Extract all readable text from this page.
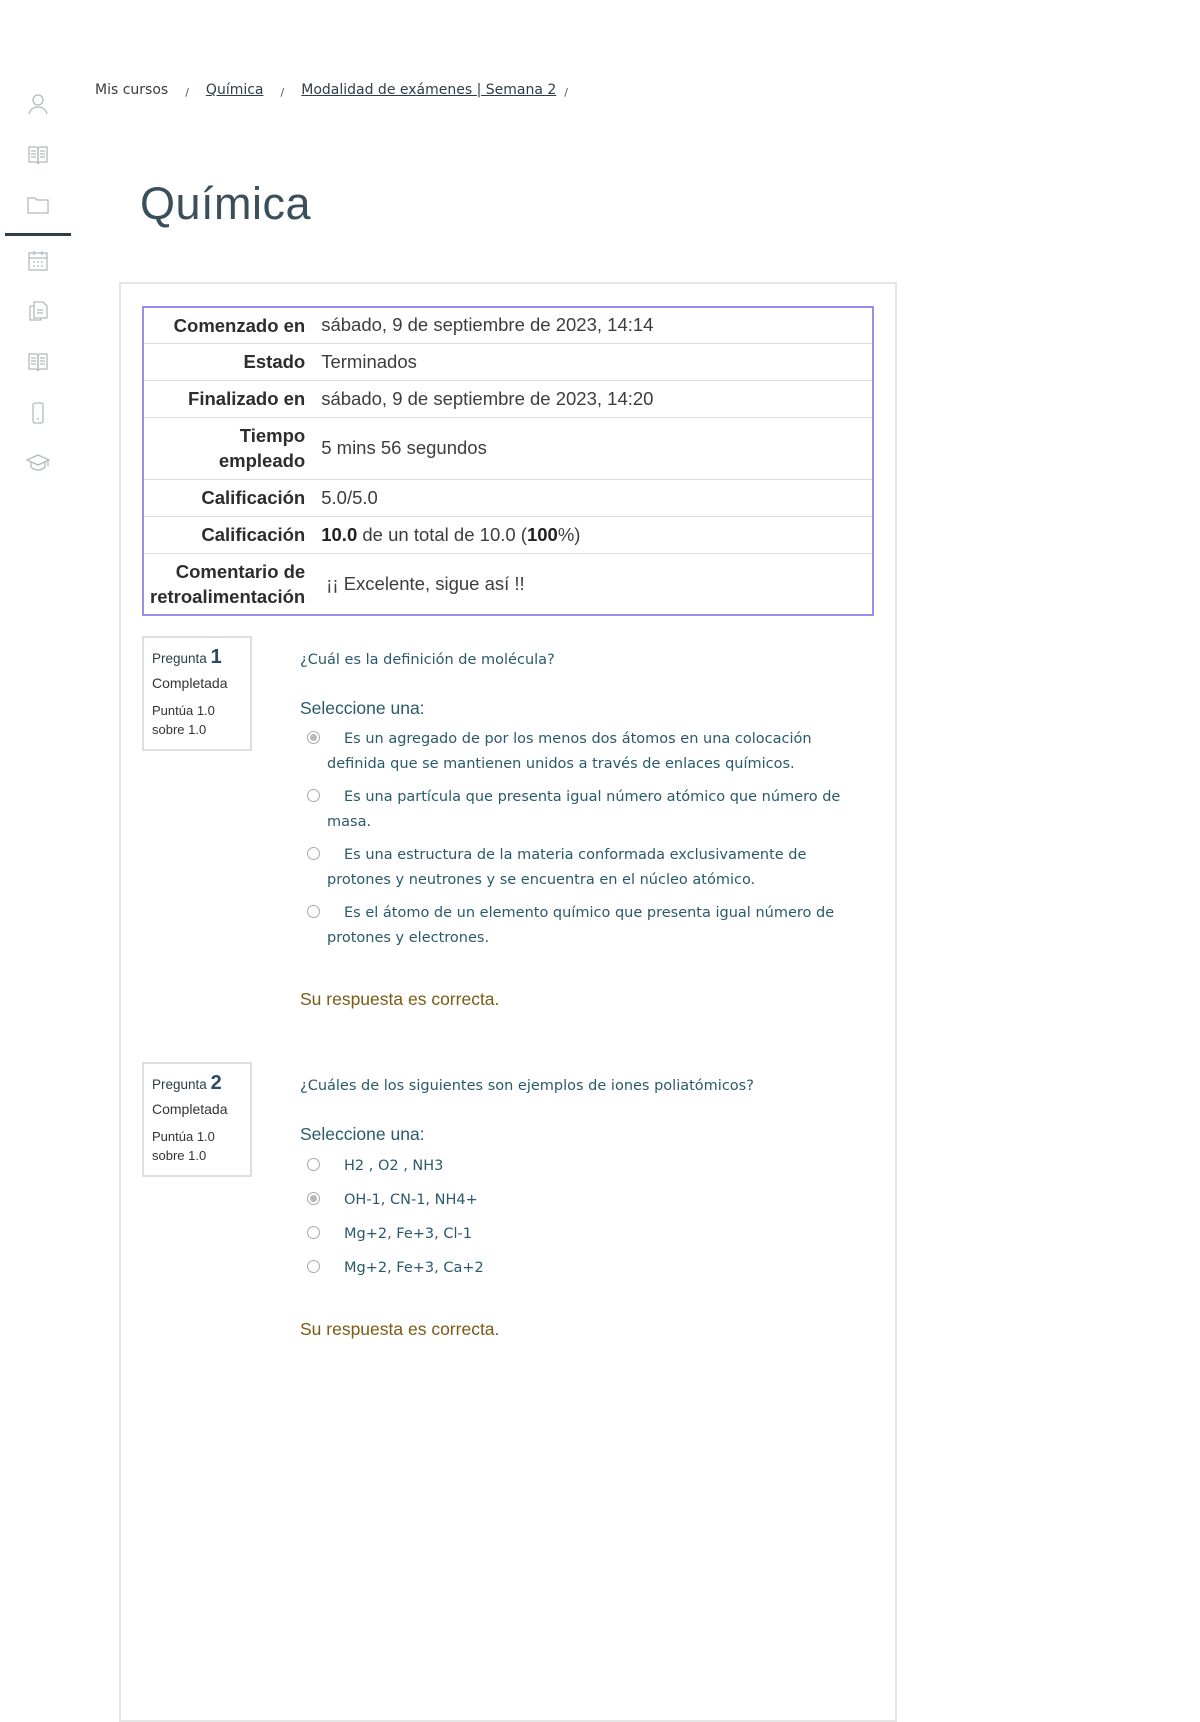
Mis cursos / Química / Modalidad de exámenes | Semana 2 /
Química
Comenzado en	sábado, 9 de septiembre de 2023, 14:14
Estado	Terminados
Finalizado en	sábado, 9 de septiembre de 2023, 14:20
Tiempo empleado	5 mins 56 segundos
Calificación	5.0/5.0
Calificación	10.0 de un total de 10.0 (100%)
Comentario de retroalimentación	¡¡ Excelente, sigue así !!
Pregunta 1
Completada
Puntúa 1.0 sobre 1.0
¿Cuál es la definición de molécula?
Seleccione una:
Es un agregado de por los menos dos átomos en una colocación definida que se mantienen unidos a través de enlaces químicos.
Es una partícula que presenta igual número atómico que número de masa.
Es una estructura de la materia conformada exclusivamente de protones y neutrones y se encuentra en el núcleo atómico.
Es el átomo de un elemento químico que presenta igual número de protones y electrones.
Su respuesta es correcta.
Pregunta 2
Completada
Puntúa 1.0 sobre 1.0
¿Cuáles de los siguientes son ejemplos de iones poliatómicos?
Seleccione una:
H2 , O2 , NH3
OH-1, CN-1, NH4+
Mg+2, Fe+3, Cl-1
Mg+2, Fe+3, Ca+2
Su respuesta es correcta.
